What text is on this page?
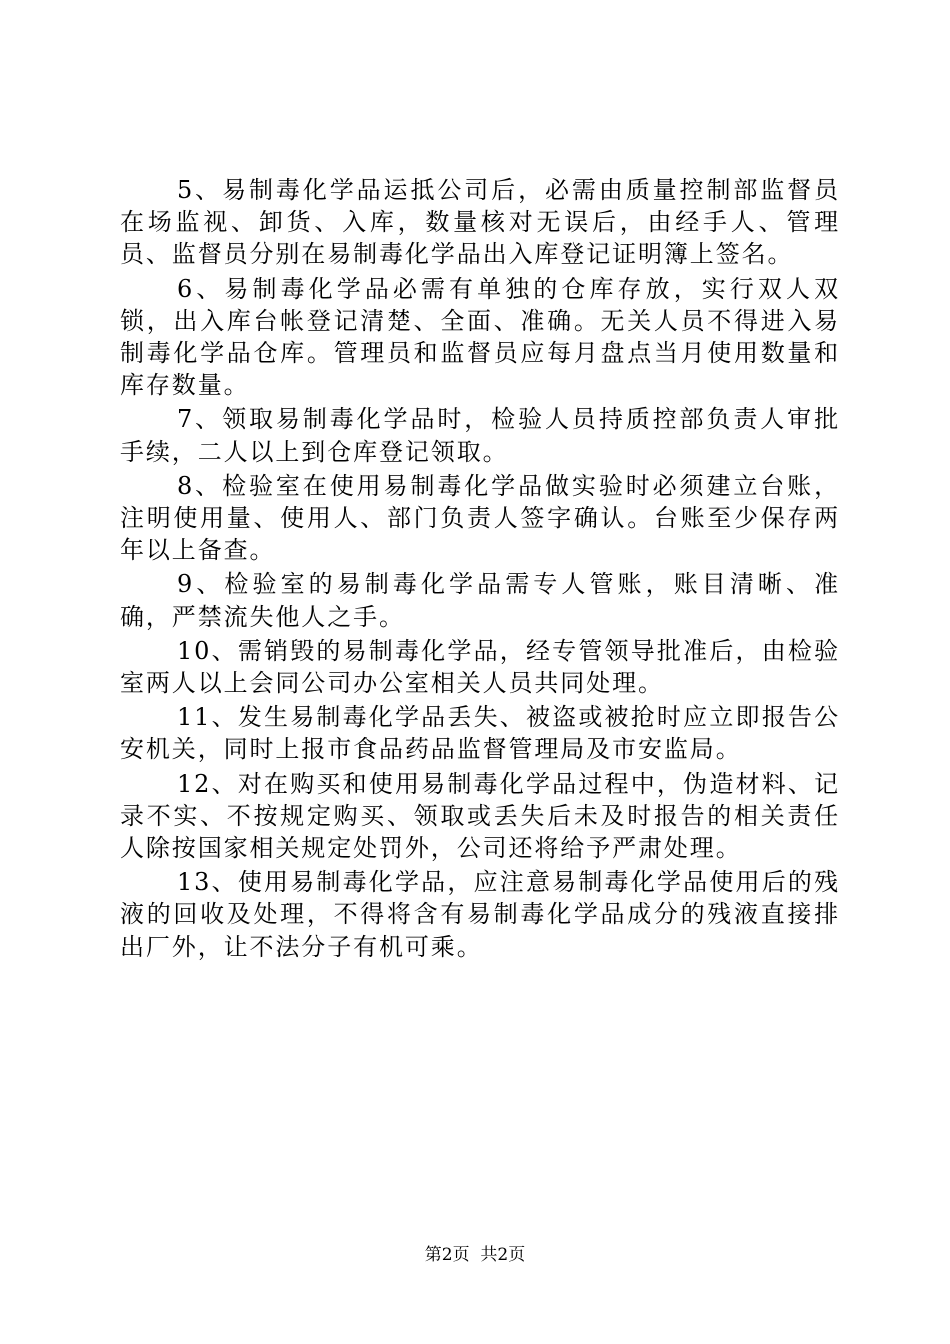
5、易制毒化学品运抵公司后，必需由质量控制部监督员在场监视、卸货、入库，数量核对无误后，由经手人、管理员、监督员分别在易制毒化学品出入库登记证明簿上签名。

6、易制毒化学品必需有单独的仓库存放，实行双人双锁，出入库台帐登记清楚、全面、准确。无关人员不得进入易制毒化学品仓库。管理员和监督员应每月盘点当月使用数量和库存数量。

7、领取易制毒化学品时，检验人员持质控部负责人审批手续，二人以上到仓库登记领取。

8、检验室在使用易制毒化学品做实验时必须建立台账，注明使用量、使用人、部门负责人签字确认。台账至少保存两年以上备查。

9、检验室的易制毒化学品需专人管账，账目清晰、准确，严禁流失他人之手。

10、需销毁的易制毒化学品，经专管领导批准后，由检验室两人以上会同公司办公室相关人员共同处理。

11、发生易制毒化学品丢失、被盗或被抢时应立即报告公安机关，同时上报市食品药品监督管理局及市安监局。

12、对在购买和使用易制毒化学品过程中，伪造材料、记录不实、不按规定购买、领取或丢失后未及时报告的相关责任人除按国家相关规定处罚外，公司还将给予严肃处理。

13、使用易制毒化学品，应注意易制毒化学品使用后的残液的回收及处理，不得将含有易制毒化学品成分的残液直接排出厂外，让不法分子有机可乘。

第2页  共2页
